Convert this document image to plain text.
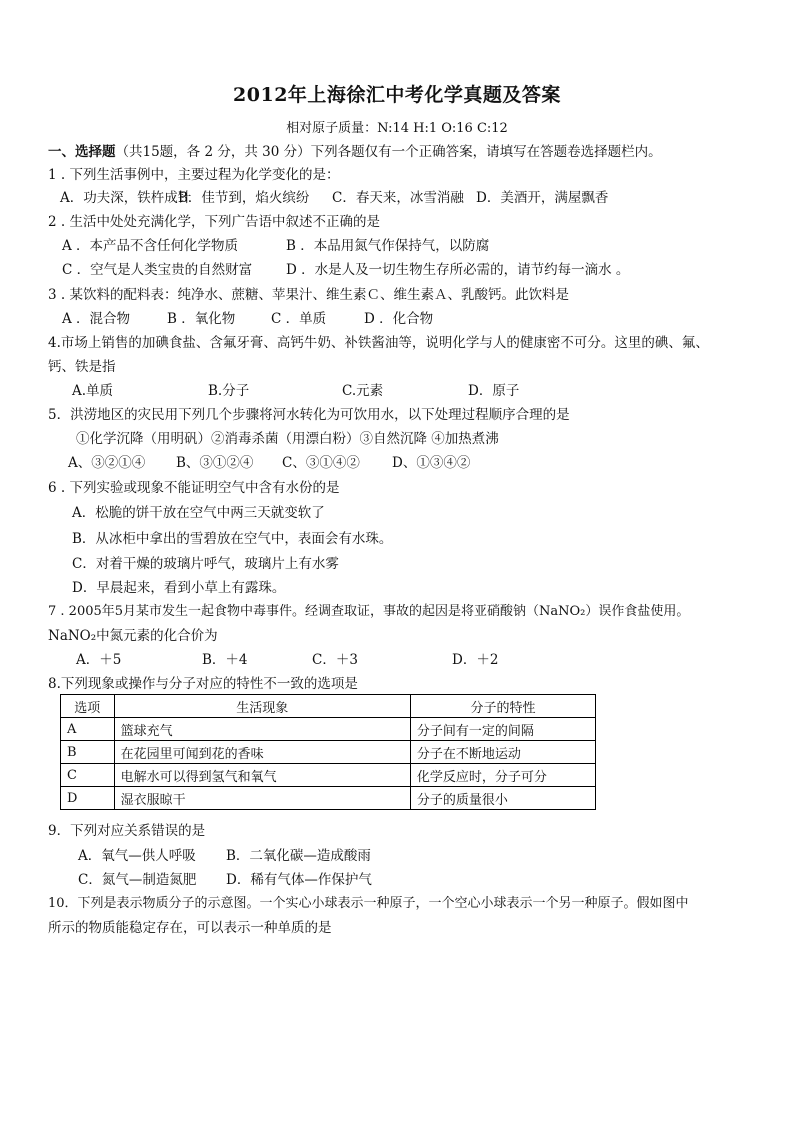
2012年上海徐汇中考化学真题及答案
相对原子质量：N:14 H:1 O:16 C:12
一、选择题（共15题，各 2 分，共 30 分）下列各题仅有一个正确答案，请填写在答题卷选择题栏内。
1 . 下列生活事例中，主要过程为化学变化的是：
A．功夫深，铁杵成针B．佳节到，焰火缤纷 C．春天来，冰雪消融 D．美酒开，满屋飘香
2 . 生活中处处充满化学，下列广告语中叙述不正确的是
A ．本产品不含任何化学物质	B ．本品用氮气作保持气，以防腐
C ．空气是人类宝贵的自然财富	D ．水是人及一切生物生存所必需的，请节约每一滴水 。
3 . 某饮料的配料表：纯净水、蔗糖、苹果汁、维生素Ｃ、维生素Ａ、乳酸钙。此饮料是
A ．混合物	B ．氧化物	C ．单质	D ．化合物
4.市场上销售的加碘食盐、含氟牙膏、高钙牛奶、补铁酱油等，说明化学与人的健康密不可分。这里的碘、氟、
钙、铁是指
A.单质	B.分子	C.元素	D．原子
5．洪涝地区的灾民用下列几个步骤将河水转化为可饮用水，以下处理过程顺序合理的是
①化学沉降（用明矾）②消毒杀菌（用漂白粉）③自然沉降 ④加热煮沸
A、③②①④ B、③①②④ C、③①④② D、①③④②
6 . 下列实验或现象不能证明空气中含有水份的是
A．松脆的饼干放在空气中两三天就变软了
B．从冰柜中拿出的雪碧放在空气中，表面会有水珠。
C．对着干燥的玻璃片呼气，玻璃片上有水雾
D．早晨起来，看到小草上有露珠。
7 . 2005年5月某市发生一起食物中毒事件。经调查取证，事故的起因是将亚硝酸钠（NaNO₂）误作食盐使用。
NaNO₂中氮元素的化合价为
A．＋5	B．＋4	C．＋3	D．＋2
8.下列现象或操作与分子对应的特性不一致的选项是
选项	生活现象	分子的特性
A	篮球充气	分子间有一定的间隔
B	在花园里可闻到花的香味	分子在不断地运动
C	电解水可以得到氢气和氧气	化学反应时，分子可分
D	湿衣服晾干	分子的质量很小
9．下列对应关系错误的是
A．氧气—供人呼吸 B．二氧化碳—造成酸雨
C．氮气—制造氮肥 D．稀有气体—作保护气
10．下列是表示物质分子的示意图。一个实心小球表示一种原子，一个空心小球表示一个另一种原子。假如图中
所示的物质能稳定存在，可以表示一种单质的是
